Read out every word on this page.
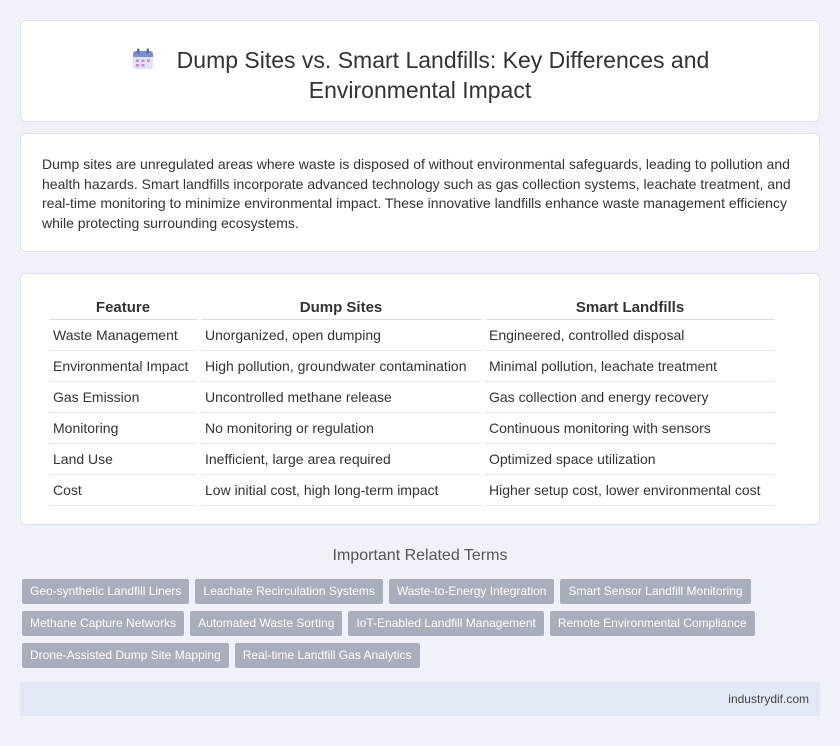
Dump Sites vs. Smart Landfills: Key Differences and
Environmental Impact

Dump sites are unregulated areas where waste is disposed of without environmental safeguards, leading to pollution and health hazards. Smart landfills incorporate advanced technology such as gas collection systems, leachate treatment, and real-time monitoring to minimize environmental impact. These innovative landfills enhance waste management efficiency while protecting surrounding ecosystems.

Feature	Dump Sites	Smart Landfills
Waste Management	Unorganized, open dumping	Engineered, controlled disposal
Environmental Impact	High pollution, groundwater contamination	Minimal pollution, leachate treatment
Gas Emission	Uncontrolled methane release	Gas collection and energy recovery
Monitoring	No monitoring or regulation	Continuous monitoring with sensors
Land Use	Inefficient, large area required	Optimized space utilization
Cost	Low initial cost, high long-term impact	Higher setup cost, lower environmental cost
Important Related Terms
Geo-synthetic Landfill Liners	Leachate Recirculation Systems	Waste-to-Energy Integration	Smart Sensor Landfill Monitoring
Methane Capture Networks	Automated Waste Sorting	IoT-Enabled Landfill Management	Remote Environmental Compliance
Drone-Assisted Dump Site Mapping	Real-time Landfill Gas Analytics
industrydif.com
